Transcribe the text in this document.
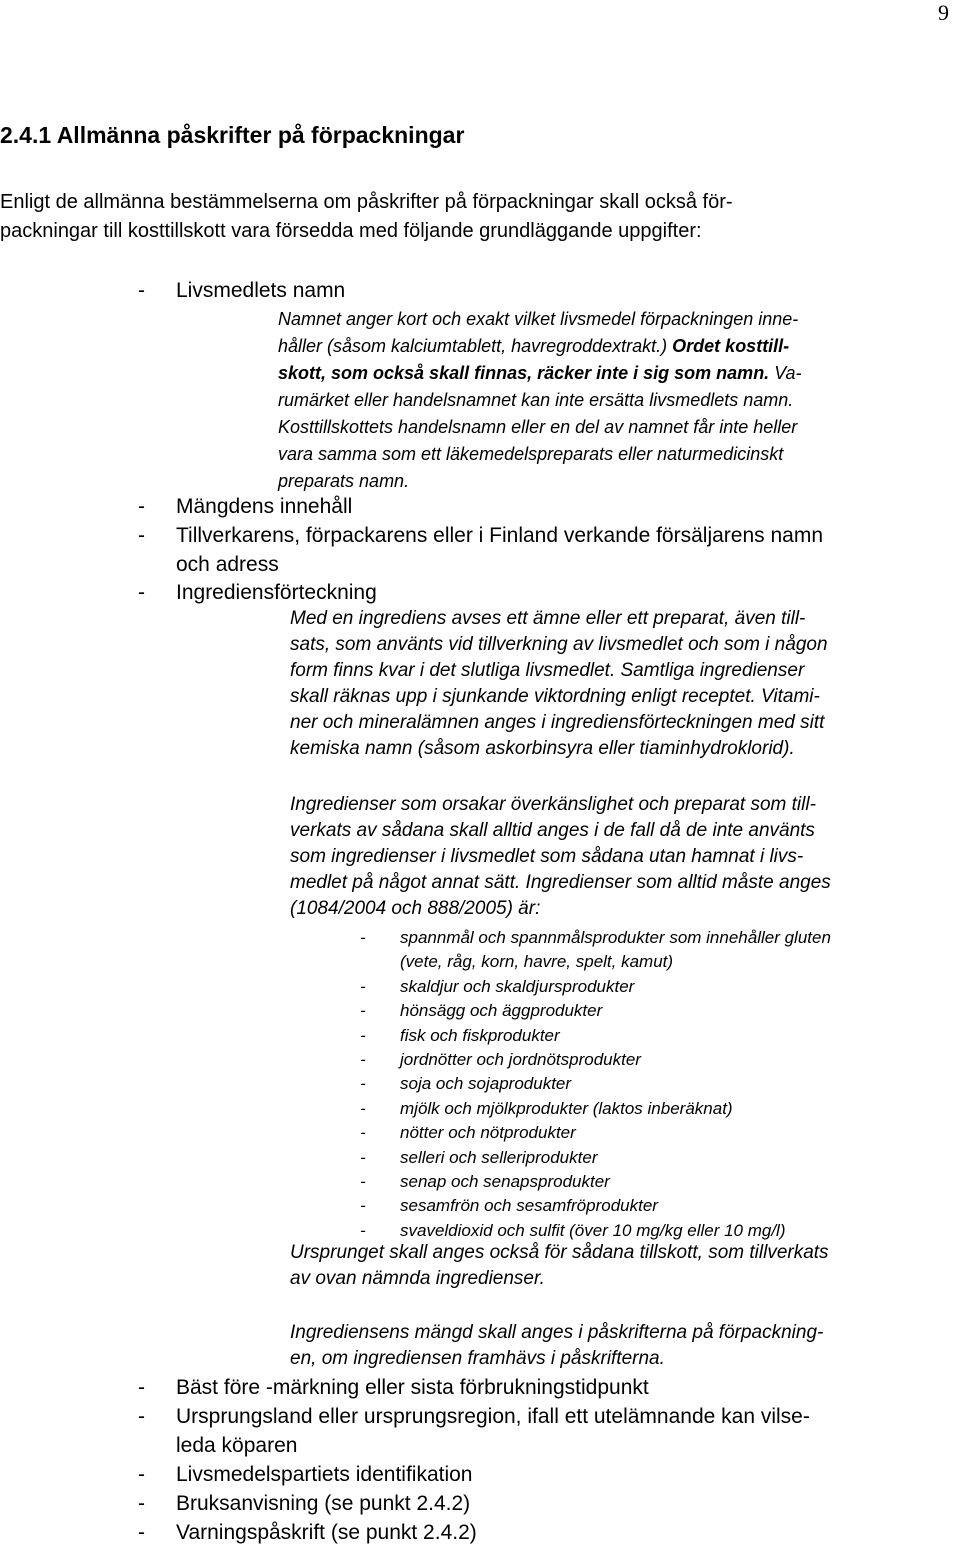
9
2.4.1 Allmänna påskrifter på förpackningar
Enligt de allmänna bestämmelserna om påskrifter på förpackningar skall också för-
packningar till kosttillskott vara försedda med följande grundläggande uppgifter:
- Livsmedlets namn
Namnet anger kort och exakt vilket livsmedel förpackningen inne-
håller (såsom kalciumtablett, havregroddextrakt.) Ordet kosttill-
skott, som också skall finnas, räcker inte i sig som namn. Va-
rumärket eller handelsnamnet kan inte ersätta livsmedlets namn.
Kosttillskottets handelsnamn eller en del av namnet får inte heller
vara samma som ett läkemedelspreparats eller naturmedicinskt
preparats namn.
- Mängdens innehåll
- Tillverkarens, förpackarens eller i Finland verkande försäljarens namn
och adress
- Ingrediensförteckning
Med en ingrediens avses ett ämne eller ett preparat, även till-
sats, som använts vid tillverkning av livsmedlet och som i någon
form finns kvar i det slutliga livsmedlet. Samtliga ingredienser
skall räknas upp i sjunkande viktordning enligt receptet. Vitami-
ner och mineralämnen anges i ingrediensförteckningen med sitt
kemiska namn (såsom askorbinsyra eller tiaminhydroklorid).
Ingredienser som orsakar överkänslighet och preparat som till-
verkats av sådana skall alltid anges i de fall då de inte använts
som ingredienser i livsmedlet som sådana utan hamnat i livs-
medlet på något annat sätt. Ingredienser som alltid måste anges
(1084/2004 och 888/2005) är:
- spannmål och spannmålsprodukter som innehåller gluten
(vete, råg, korn, havre, spelt, kamut)
- skaldjur och skaldjursprodukter
- hönsägg och äggprodukter
- fisk och fiskprodukter
- jordnötter och jordnötsprodukter
- soja och sojaprodukter
- mjölk och mjölkprodukter (laktos inberäknat)
- nötter och nötprodukter
- selleri och selleriprodukter
- senap och senapsprodukter
- sesamfrön och sesamfröprodukter
- svaveldioxid och sulfit (över 10 mg/kg eller 10 mg/l)
Ursprunget skall anges också för sådana tillskott, som tillverkats
av ovan nämnda ingredienser.
Ingrediensens mängd skall anges i påskrifterna på förpackning-
en, om ingrediensen framhävs i påskrifterna.
- Bäst före -märkning eller sista förbrukningstidpunkt
- Ursprungsland eller ursprungsregion, ifall ett utelämnande kan vilse-
leda köparen
- Livsmedelspartiets identifikation
- Bruksanvisning (se punkt 2.4.2)
- Varningspåskrift (se punkt 2.4.2)
